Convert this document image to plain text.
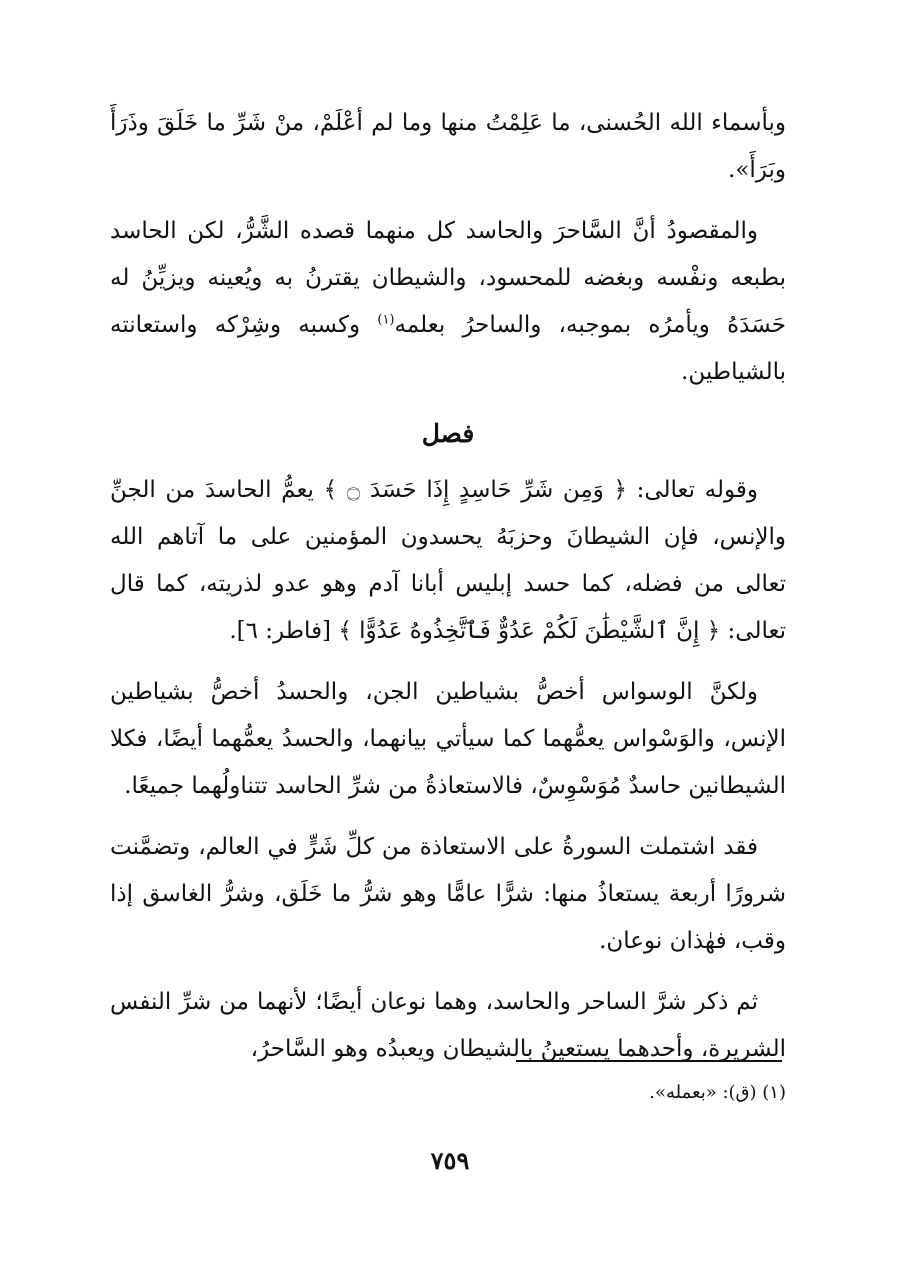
وبأسماء الله الحُسنى، ما عَلِمْتُ منها وما لم أعْلَمْ، منْ شَرِّ ما خَلَقَ وذَرَأَ وبَرَأَ».

والمقصودُ أنَّ السَّاحرَ والحاسد كل منهما قصده الشَّرُّ، لكن الحاسد بطبعه ونفْسه وبغضه للمحسود، والشيطان يقترنُ به ويُعينه ويزيِّنُ له حَسَدَهُ ويأمرُه بموجبه، والساحرُ بعلمه$^{(١)}$ وكسبه وشِرْكه واستعانته بالشياطين.

فصل

وقوله تعالى: ﴿ وَمِن شَرِّ حَاسِدٍ إِذَا حَسَدَ ۝ ﴾ يعمُّ الحاسدَ من الجنِّ والإنس، فإن الشيطانَ وحزبَهُ يحسدون المؤمنين على ما آتاهم الله تعالى من فضله، كما حسد إبليس أبانا آدم وهو عدو لذريته، كما قال تعالى: ﴿ إِنَّ ٱلشَّيْطَٰنَ لَكُمْ عَدُوٌّ فَٱتَّخِذُوهُ عَدُوًّا ﴾ [فاطر: ٦].

ولكنَّ الوسواس أخصُّ بشياطين الجن، والحسدُ أخصُّ بشياطين الإنس، والوَسْواس يعمُّهما كما سيأتي بيانهما، والحسدُ يعمُّهما أيضًا، فكلا الشيطانين حاسدٌ مُوَسْوِسٌ، فالاستعاذةُ من شرِّ الحاسد تتناولُهما جميعًا.

فقد اشتملت السورةُ على الاستعاذة من كلِّ شَرٍّ في العالم، وتضمَّنت شرورًا أربعة يستعاذُ منها: شرًّا عامًّا وهو شرُّ ما خَلَق، وشرُّ الغاسق إذا وقب، فهٰذان نوعان.

ثم ذكر شرَّ الساحر والحاسد، وهما نوعان أيضًا؛ لأنهما من شرِّ النفس الشريرة، وأحدهما يستعينُ بالشيطان ويعبدُه وهو السَّاحرُ،

(١) (ق): «بعمله».
٧٥٩
